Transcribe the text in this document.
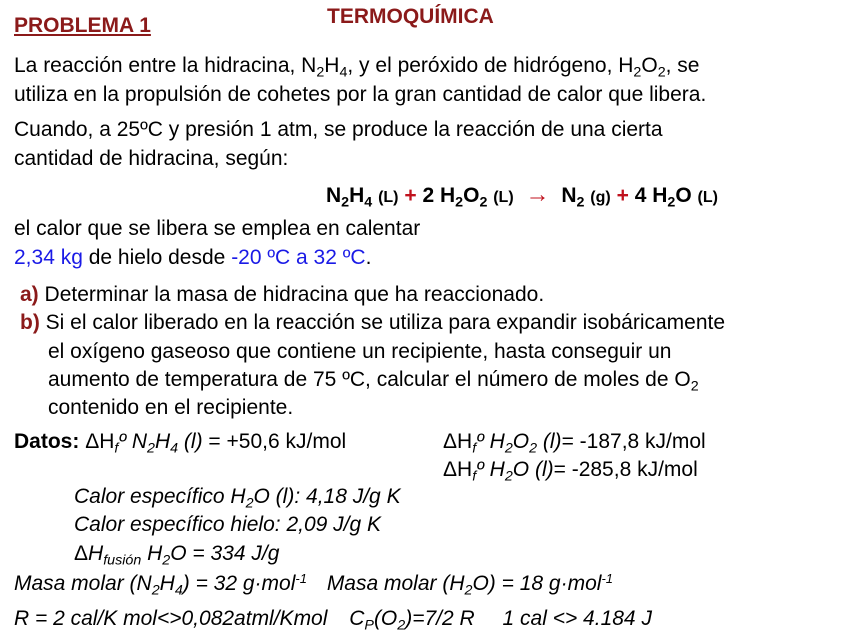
PROBLEMA 1	TERMOQUÍMICA
La reacción entre la hidracina, $N_2H_4$, y el peróxido de hidrógeno, $H_2O_2$, se
utiliza en la propulsión de cohetes por la gran cantidad de calor que libera.
Cuando, a 25ºC y presión 1 atm, se produce la reacción de una cierta
cantidad de hidracina, según:
$N_2H_4$ (L) + 2 $H_2O_2$ $(L) \to N_2$ (g) + 4 $H_2O$ (L)
el calor que se libera se emplea en calentar
2,34 kg de hielo desde -20 ºC a 32 ºC.
a) Determinar la masa de hidracina que ha reaccionado.
b) Si el calor liberado en la reacción se utiliza para expandir isobáricamente
el oxígeno gaseoso que contiene un recipiente, hasta conseguir un
aumento de temperatura de 75 ºC, calcular el número de moles de $O_2$
contenido en el recipiente.
Datos: $\Delta H_fº$ $N_2H_4$ (l) = +50,6 kJ/mol	$\Delta H_fº$ $H_2O_2$ (l)= -187,8 kJ/mol
$\Delta H_fº$ $H_2O$ (l)= -285,8 kJ/mol
Calor específico $H_2O$ (l): 4,18 J/g K
Calor específico hielo: 2,09 J/g K
$\Delta H_{fusión}$ $H_2O = 334$ J/g
Masa molar $(N_2H_4) = 32$ g·mol$^{-1}$ Masa molar $(H_2O) = 18$ g·mol$^{-1}$
R = 2 cal/K mol<>0,082atml/Kmol $C_P(O_2)=7/2$ R 1 cal <> 4.184 J
